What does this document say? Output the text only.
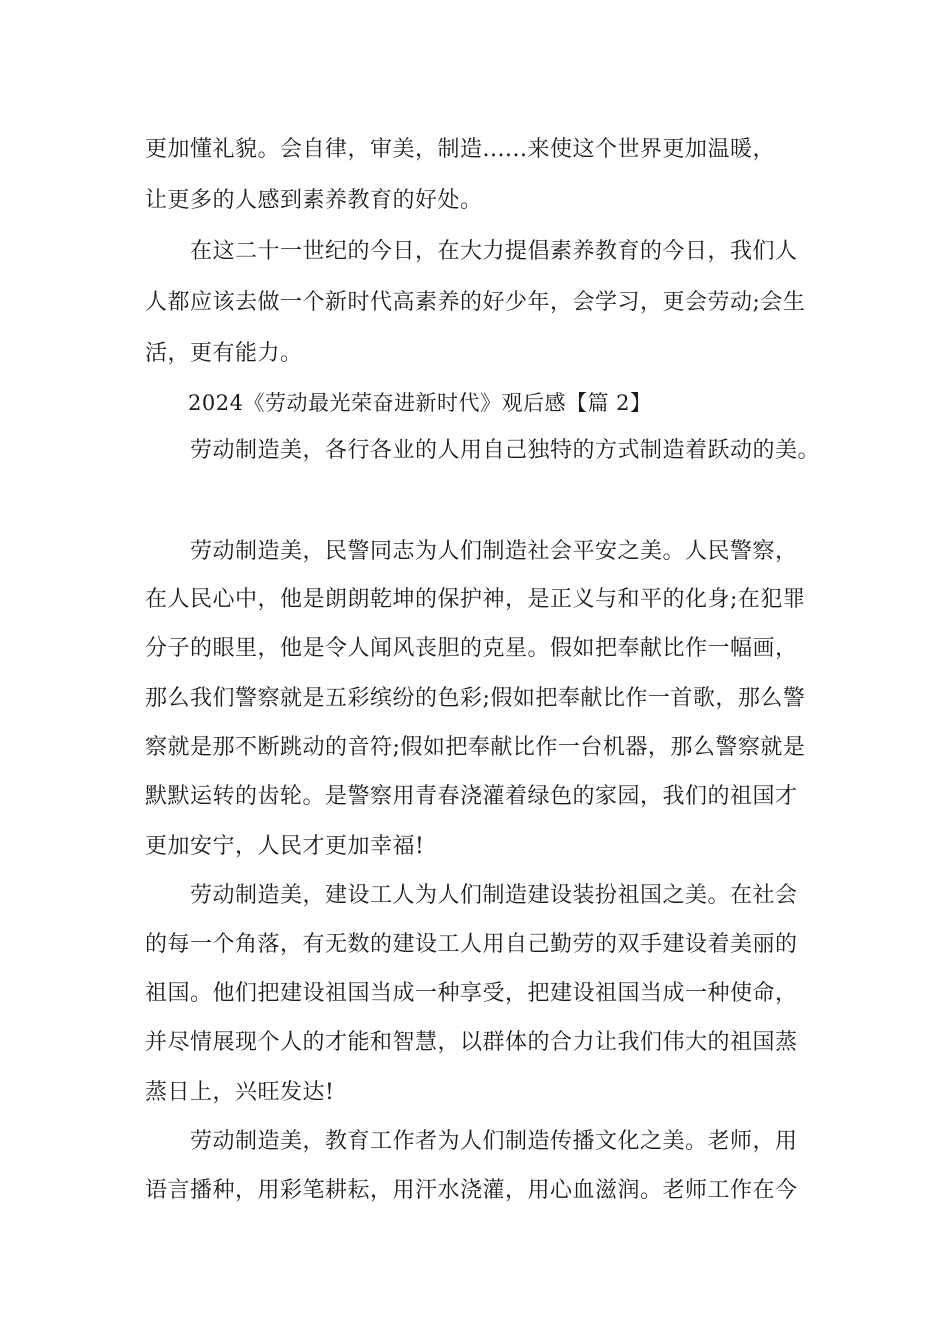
更加懂礼貌。会自律，审美，制造......来使这个世界更加温暖，
让更多的人感到素养教育的好处。
在这二十一世纪的今日，在大力提倡素养教育的今日，我们人
人都应该去做一个新时代高素养的好少年，会学习，更会劳动;会生
活，更有能力。
2024《劳动最光荣奋进新时代》观后感【篇 2】
劳动制造美，各行各业的人用自己独特的方式制造着跃动的美。
劳动制造美，民警同志为人们制造社会平安之美。人民警察，
在人民心中，他是朗朗乾坤的保护神，是正义与和平的化身;在犯罪
分子的眼里，他是令人闻风丧胆的克星。假如把奉献比作一幅画，
那么我们警察就是五彩缤纷的色彩;假如把奉献比作一首歌，那么警
察就是那不断跳动的音符;假如把奉献比作一台机器，那么警察就是
默默运转的齿轮。是警察用青春浇灌着绿色的家园，我们的祖国才
更加安宁，人民才更加幸福!
劳动制造美，建设工人为人们制造建设装扮祖国之美。在社会
的每一个角落，有无数的建设工人用自己勤劳的双手建设着美丽的
祖国。他们把建设祖国当成一种享受，把建设祖国当成一种使命，
并尽情展现个人的才能和智慧，以群体的合力让我们伟大的祖国蒸
蒸日上，兴旺发达!
劳动制造美，教育工作者为人们制造传播文化之美。老师，用
语言播种，用彩笔耕耘，用汗水浇灌，用心血滋润。老师工作在今
